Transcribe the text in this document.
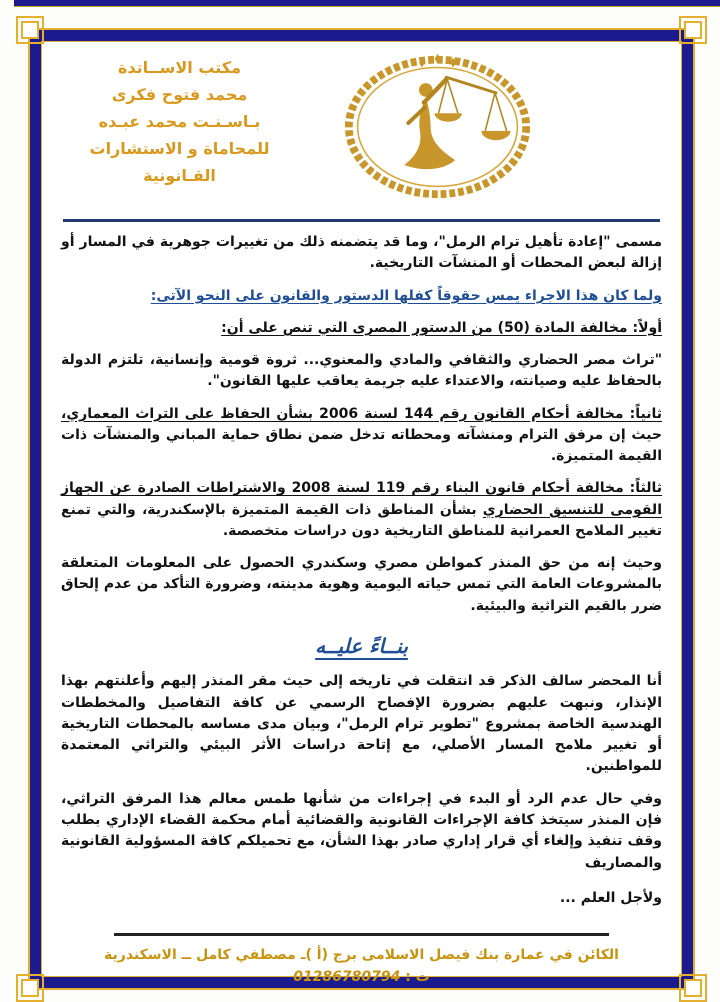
مكتب الاســاتدة
محمد فتوح فكرى
بـاسـنـت محمد عبـده
للمحاماة و الاستشارات
القـانونية

مسمى "إعادة تأهيل ترام الرمل"، وما قد يتضمنه ذلك من تغييرات جوهرية في المسار أو إزالة لبعض المحطات أو المنشآت التاريخية.

ولما كان هذا الاجراء يمس حقوقاً كفلها الدستور والقانون على النحو الآتى:

أولاً: مخالفة المادة (50) من الدستور المصرى التي تنص على أن:

"تراث مصر الحضاري والثقافي والمادي والمعنوي... ثروة قومية وإنسانية، تلتزم الدولة بالحفاظ عليه وصيانته، والاعتداء عليه جريمة يعاقب عليها القانون".

ثانياً: مخالفة أحكام القانون رقم 144 لسنة 2006 بشأن الحفاظ على التراث المعماري، حيث إن مرفق الترام ومنشآته ومحطاته تدخل ضمن نطاق حماية المباني والمنشآت ذات القيمة المتميزة.

ثالثاً: مخالفة أحكام قانون البناء رقم 119 لسنة 2008 والاشتراطات الصادرة عن الجهاز القومى للتنسيق الحضاري بشأن المناطق ذات القيمة المتميزة بالإسكندرية، والتي تمنع تغيير الملامح العمرانية للمناطق التاريخية دون دراسات متخصصة.

وحيث إنه من حق المنذر كمواطن مصري وسكندري الحصول على المعلومات المتعلقة بالمشروعات العامة التي تمس حياته اليومية وهوية مدينته، وضرورة التأكد من عدم إلحاق ضرر بالقيم التراثية والبيئية.

بنــاءً عليــه

أنا المحضر سالف الذكر قد انتقلت في تاريخه إلى حيث مقر المنذر إليهم وأعلنتهم بهذا الإنذار، ونبهت عليهم بضرورة الإفصاح الرسمي عن كافة التفاصيل والمخططات الهندسية الخاصة بمشروع "تطوير ترام الرمل"، وبيان مدى مساسه بالمحطات التاريخية أو تغيير ملامح المسار الأصلي، مع إتاحة دراسات الأثر البيئي والتراثي المعتمدة للمواطنين.

وفي حال عدم الرد أو البدء في إجراءات من شأنها طمس معالم هذا المرفق التراثي، فإن المنذر سيتخذ كافة الإجراءات القانونية والقضائية أمام محكمة القضاء الإداري بطلب وقف تنفيذ وإلغاء أي قرار إداري صادر بهذا الشأن، مع تحميلكم كافة المسؤولية القانونية والمصاريف

ولأجل العلم ...

الكائن في عمارة بنك فيصل الاسلامى برج (أ )ـ مصطفي كامل ــ الاسكندرية
ت : 01286780794
